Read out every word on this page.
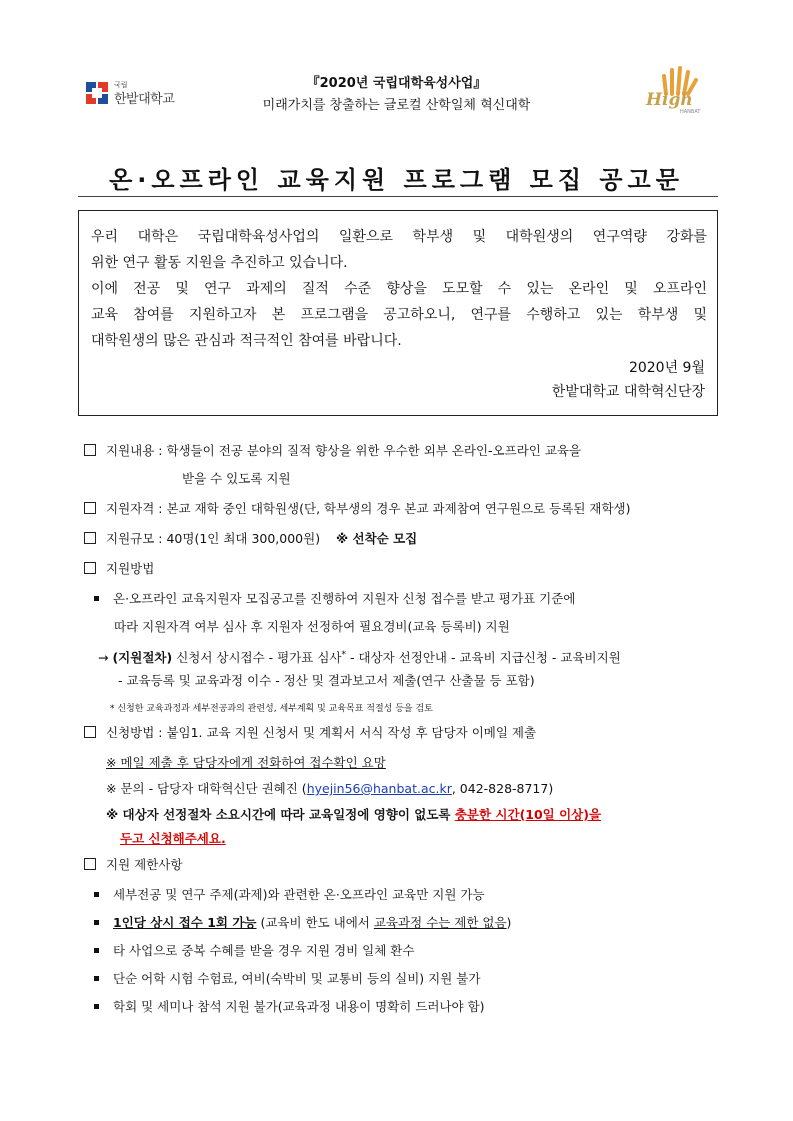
국립
한밭대학교
『2020년 국립대학육성사업』
미래가치를 창출하는 글로컬 산학일체 혁신대학	High
HANBAT
온·오프라인 교육지원 프로그램 모집 공고문
우리 대학은 국립대학육성사업의 일환으로 학부생 및 대학원생의 연구역량 강화를
위한 연구 활동 지원을 추진하고 있습니다.
이에 전공 및 연구 과제의 질적 수준 향상을 도모할 수 있는 온라인 및 오프라인
교육 참여를 지원하고자 본 프로그램을 공고하오니, 연구를 수행하고 있는 학부생 및
대학원생의 많은 관심과 적극적인 참여를 바랍니다.
2020년 9월
한밭대학교 대학혁신단장
지원내용 : 학생들이 전공 분야의 질적 향상을 위한 우수한 외부 온라인-오프라인 교육을
받을 수 있도록 지원
지원자격 : 본교 재학 중인 대학원생(단, 학부생의 경우 본교 과제참여 연구원으로 등록된 재학생)
지원규모 : 40명(1인 최대 300,000원) ※ 선착순 모집
지원방법
온·오프라인 교육지원자 모집공고를 진행하여 지원자 신청 접수를 받고 평가표 기준에
따라 지원자격 여부 심사 후 지원자 선정하여 필요경비(교육 등록비) 지원
→ (지원절차) 신청서 상시접수 - 평가표 심사* - 대상자 선정안내 - 교육비 지급신청 - 교육비지원
- 교육등록 및 교육과정 이수 - 정산 및 결과보고서 제출(연구 산출물 등 포함)
* 신청한 교육과정과 세부전공과의 관련성, 세부계획 및 교육목표 적절성 등을 검토
신청방법 : 붙임1. 교육 지원 신청서 및 계획서 서식 작성 후 담당자 이메일 제출
※ 메일 제출 후 담당자에게 전화하여 접수확인 요망
※ 문의 - 담당자 대학혁신단 권혜진 (hyejin56@hanbat.ac.kr, 042-828-8717)
※ 대상자 선정절차 소요시간에 따라 교육일정에 영향이 없도록 충분한 시간(10일 이상)을
두고 신청해주세요.
지원 제한사항
세부전공 및 연구 주제(과제)와 관련한 온·오프라인 교육만 지원 가능
1인당 상시 접수 1회 가능 (교육비 한도 내에서 교육과정 수는 제한 없음)
타 사업으로 중복 수혜를 받을 경우 지원 경비 일체 환수
단순 어학 시험 수험료, 여비(숙박비 및 교통비 등의 실비) 지원 불가
학회 및 세미나 참석 지원 불가(교육과정 내용이 명확히 드러나야 함)
